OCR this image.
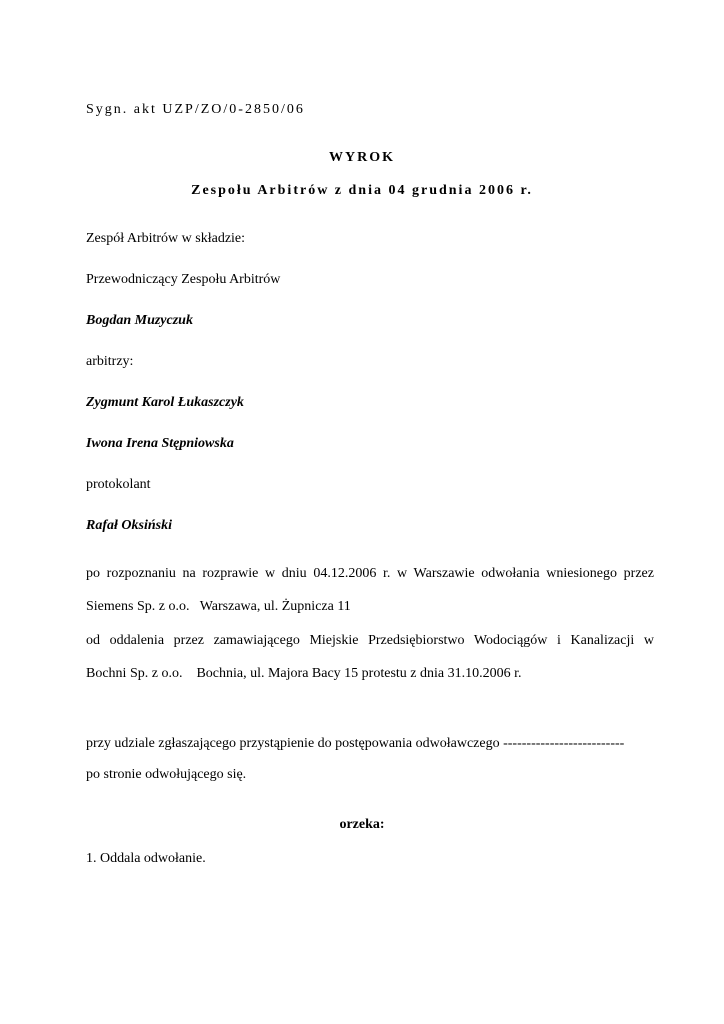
Sygn. akt UZP/ZO/0-2850/06
WYROK
Zespołu Arbitrów z dnia 04 grudnia 2006 r.
Zespół Arbitrów w składzie:
Przewodniczący Zespołu Arbitrów
Bogdan Muzyczuk
arbitrzy:
Zygmunt Karol Łukaszczyk
Iwona Irena Stępniowska
protokolant
Rafał Oksiński
po rozpoznaniu na rozprawie w dniu 04.12.2006 r. w Warszawie odwołania wniesionego przez
Siemens Sp. z o.o.   Warszawa, ul. Żupnicza 11
od oddalenia przez zamawiającego Miejskie Przedsiębiorstwo Wodociągów i Kanalizacji w
Bochni Sp. z o.o.    Bochnia, ul. Majora Bacy 15 protestu z dnia 31.10.2006 r.
przy udziale zgłaszającego przystąpienie do postępowania odwoławczego --------------------------
po stronie odwołującego się.
orzeka:
1. Oddala odwołanie.
